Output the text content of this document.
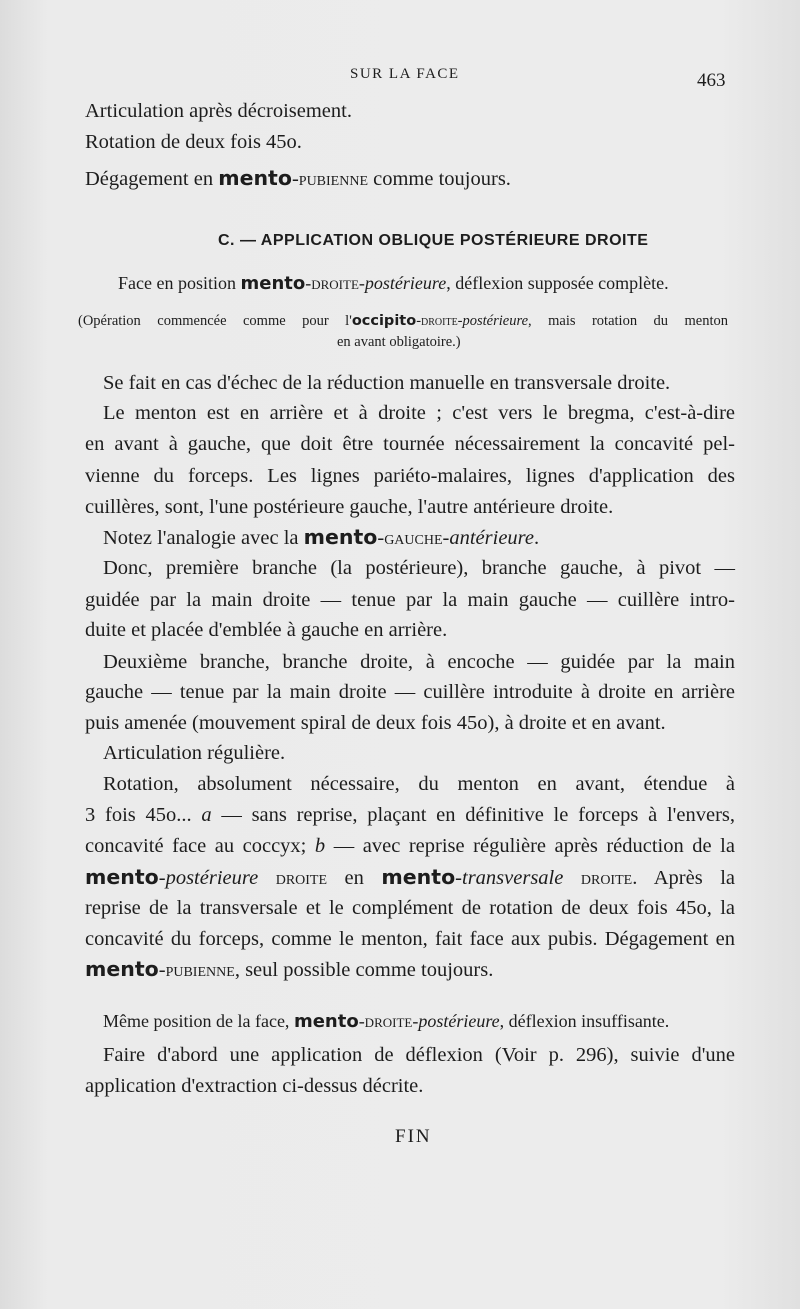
SUR LA FACE	463
Articulation après décroisement.
Rotation de deux fois 45o.
Dégagement en mento-pubienne comme toujours.
C. — APPLICATION OBLIQUE POSTÉRIEURE DROITE
Face en position mento-droite-postérieure, déflexion supposée complète.
(Opération commencée comme pour l'occipito-droite-postérieure, mais rotation du menton
en avant obligatoire.)
Se fait en cas d'échec de la réduction manuelle en transversale droite.
Le menton est en arrière et à droite ; c'est vers le bregma, c'est-à-dire
en avant à gauche, que doit être tournée nécessairement la concavité pel-
vienne du forceps. Les lignes pariéto-malaires, lignes d'application des
cuillères, sont, l'une postérieure gauche, l'autre antérieure droite.
Notez l'analogie avec la mento-gauche-antérieure.
Donc, première branche (la postérieure), branche gauche, à pivot —
guidée par la main droite — tenue par la main gauche — cuillère intro-
duite et placée d'emblée à gauche en arrière.
Deuxième branche, branche droite, à encoche — guidée par la main
gauche — tenue par la main droite — cuillère introduite à droite en arrière
puis amenée (mouvement spiral de deux fois 45o), à droite et en avant.
Articulation régulière.
Rotation, absolument nécessaire, du menton en avant, étendue à
3 fois 45o... a — sans reprise, plaçant en définitive le forceps à l'envers,
concavité face au coccyx; b — avec reprise régulière après réduction de la
mento-postérieure droite en mento-transversale droite. Après la
reprise de la transversale et le complément de rotation de deux fois 45o, la
concavité du forceps, comme le menton, fait face aux pubis. Dégagement en
mento-pubienne, seul possible comme toujours.
Même position de la face, mento-droite-postérieure, déflexion insuffisante.
Faire d'abord une application de déflexion (Voir p. 296), suivie d'une
application d'extraction ci-dessus décrite.
FIN
